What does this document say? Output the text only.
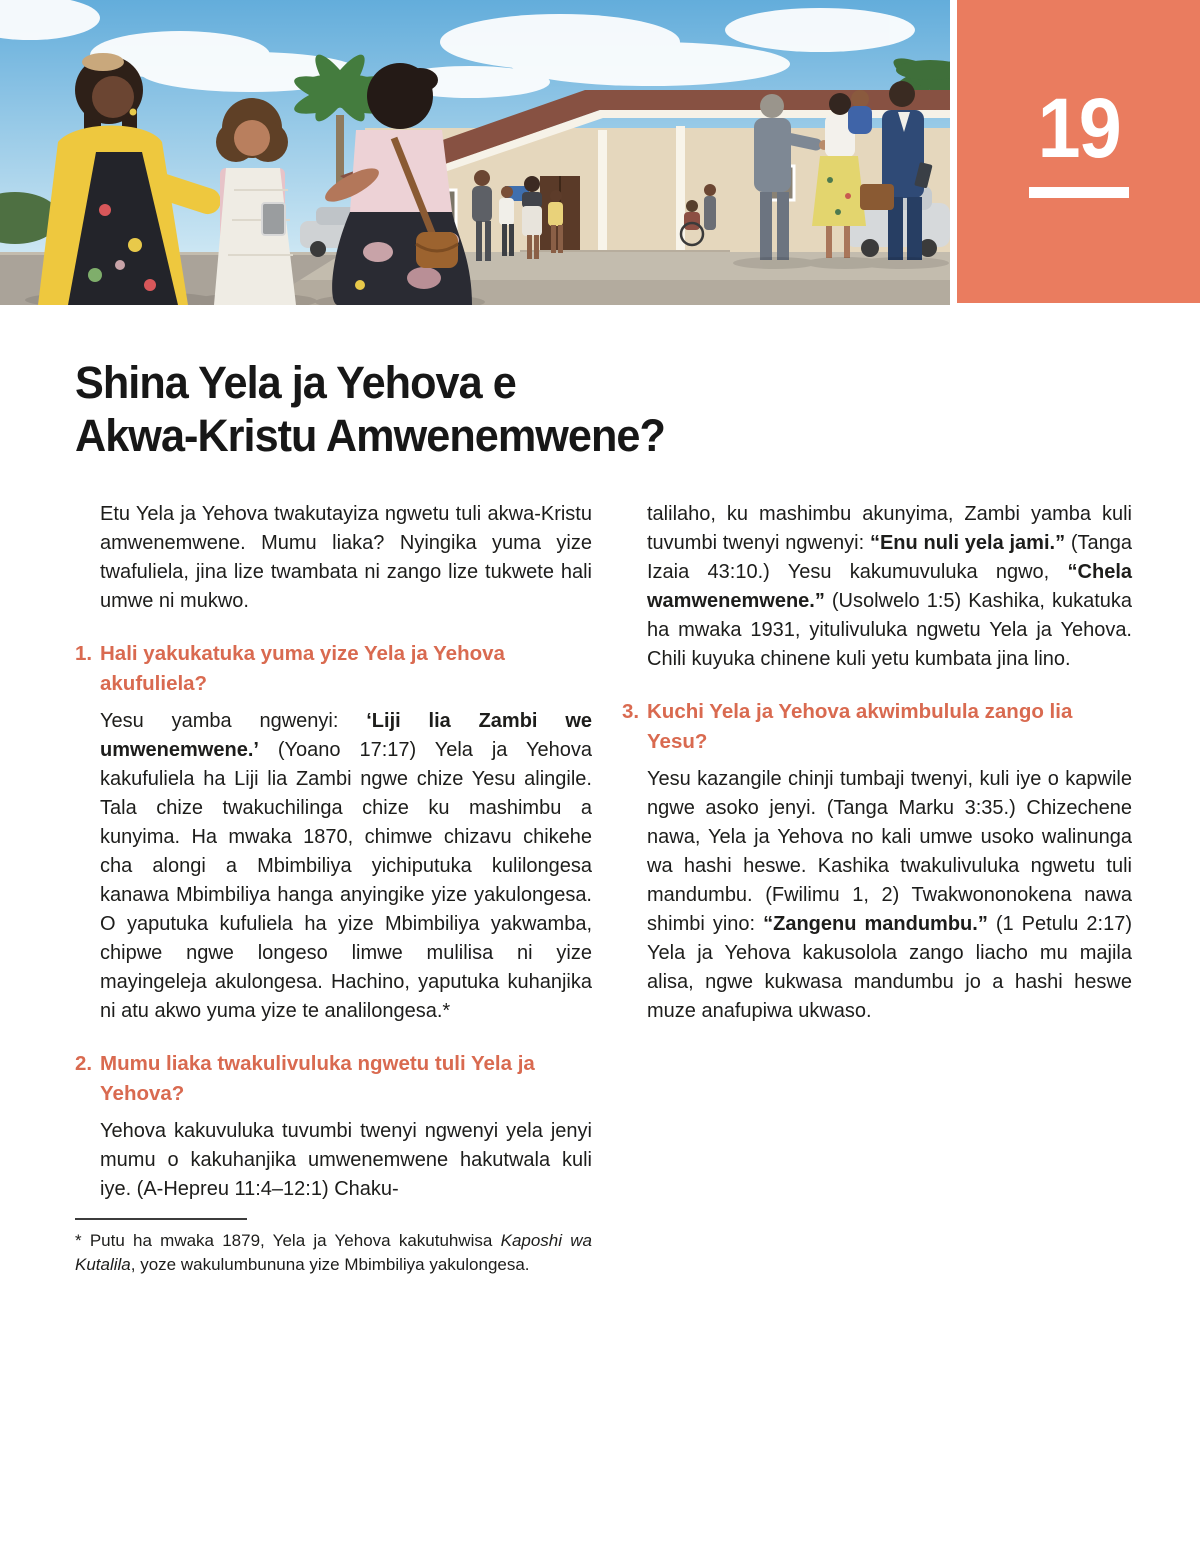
19
Shina Yela ja Yehova e
Akwa-Kristu Amwenemwene?

Etu Yela ja Yehova twakutayiza ngwetu tuli akwa-Kristu amwenemwene. Mumu liaka? Nyingika yuma yize twafuliela, jina lize twambata ni zango lize tukwete hali umwe ni mukwo.

1. Hali yakukatuka yuma yize Yela ja Yehova akufuliela?

Yesu yamba ngwenyi: ‘Liji lia Zambi we umwenemwene.’ (Yoano 17:17) Yela ja Yehova kakufuliela ha Liji lia Zambi ngwe chize Yesu alingile. Tala chize twakuchilinga chize ku mashimbu a kunyima. Ha mwaka 1870, chimwe chizavu chikehe cha alongi a Mbimbiliya yichiputuka kulilongesa kanawa Mbimbiliya hanga anyingike yize yakulongesa. O yaputuka kufuliela ha yize Mbimbiliya yakwamba, chipwe ngwe longeso limwe mulilisa ni yize mayingeleja akulongesa. Hachino, yaputuka kuhanjika ni atu akwo yuma yize te analilongesa.*

2. Mumu liaka twakulivuluka ngwetu tuli Yela ja Yehova?

Yehova kakuvuluka tuvumbi twenyi ngwenyi yela jenyi mumu o kakuhanjika umwenemwene hakutwala kuli iye. (A-Hepreu 11:4–12:1) Chaku-

* Putu ha mwaka 1879, Yela ja Yehova kakutuhwisa Kaposhi wa Kutalila, yoze wakulumbununa yize Mbimbiliya yakulongesa.

talilaho, ku mashimbu akunyima, Zambi yamba kuli tuvumbi twenyi ngwenyi: “Enu nuli yela jami.” (Tanga Izaia 43:10.) Yesu kakumuvuluka ngwo, “Chela wamwenemwene.” (Usolwelo 1:5) Kashika, kukatuka ha mwaka 1931, yitulivuluka ngwetu Yela ja Yehova. Chili kuyuka chinene kuli yetu kumbata jina lino.

3. Kuchi Yela ja Yehova akwimbulula zango lia Yesu?

Yesu kazangile chinji tumbaji twenyi, kuli iye o kapwile ngwe asoko jenyi. (Tanga Marku 3:35.) Chizechene nawa, Yela ja Yehova no kali umwe usoko walinunga wa hashi heswe. Kashika twakulivuluka ngwetu tuli mandumbu. (Fwilimu 1, 2) Twakwononokena nawa shimbi yino: “Zangenu mandumbu.” (1 Petulu 2:17) Yela ja Yehova kakusolola zango liacho mu majila alisa, ngwe kukwasa mandumbu jo a hashi heswe muze anafupiwa ukwaso.
